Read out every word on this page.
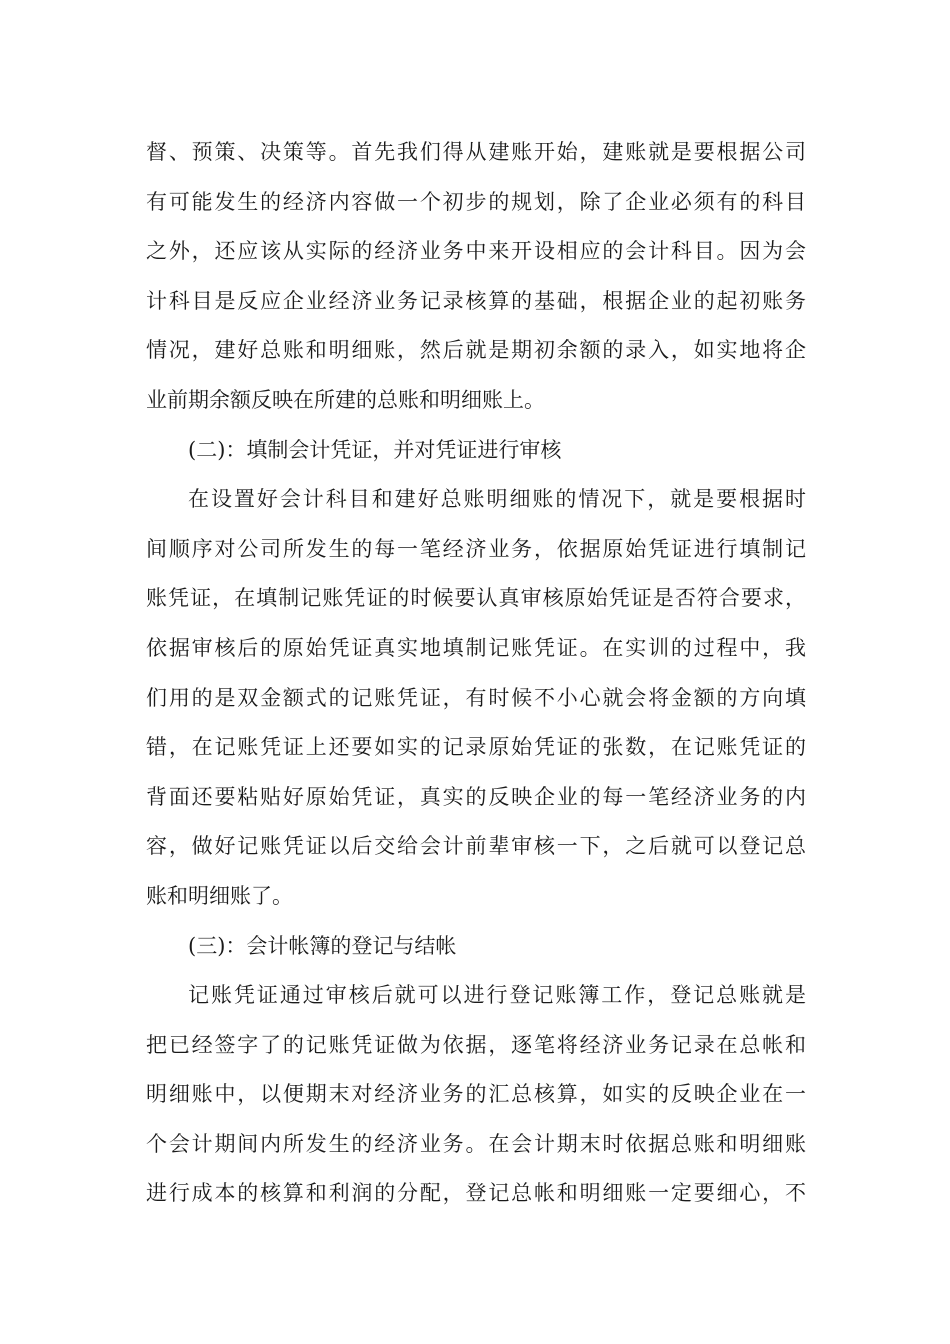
督、预策、决策等。首先我们得从建账开始，建账就是要根据公司
有可能发生的经济内容做一个初步的规划，除了企业必须有的科目
之外，还应该从实际的经济业务中来开设相应的会计科目。因为会
计科目是反应企业经济业务记录核算的基础，根据企业的起初账务
情况，建好总账和明细账，然后就是期初余额的录入，如实地将企
业前期余额反映在所建的总账和明细账上。
(二)：填制会计凭证，并对凭证进行审核
在设置好会计科目和建好总账明细账的情况下，就是要根据时
间顺序对公司所发生的每一笔经济业务，依据原始凭证进行填制记
账凭证，在填制记账凭证的时候要认真审核原始凭证是否符合要求，
依据审核后的原始凭证真实地填制记账凭证。在实训的过程中，我
们用的是双金额式的记账凭证，有时候不小心就会将金额的方向填
错，在记账凭证上还要如实的记录原始凭证的张数，在记账凭证的
背面还要粘贴好原始凭证，真实的反映企业的每一笔经济业务的内
容，做好记账凭证以后交给会计前辈审核一下，之后就可以登记总
账和明细账了。
(三)：会计帐簿的登记与结帐
记账凭证通过审核后就可以进行登记账簿工作，登记总账就是
把已经签字了的记账凭证做为依据，逐笔将经济业务记录在总帐和
明细账中，以便期末对经济业务的汇总核算，如实的反映企业在一
个会计期间内所发生的经济业务。在会计期末时依据总账和明细账
进行成本的核算和利润的分配，登记总帐和明细账一定要细心，不
